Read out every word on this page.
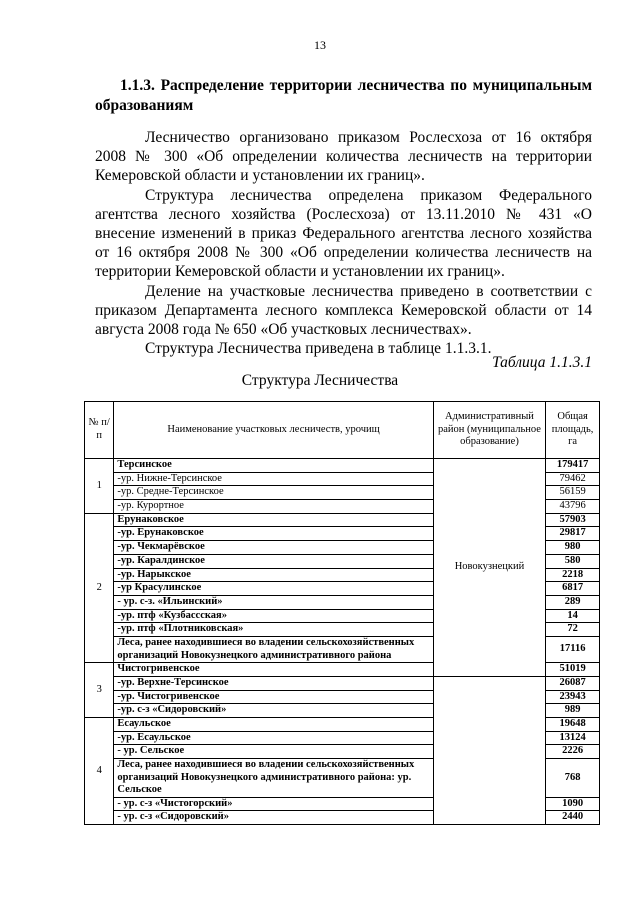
13
1.1.3. Распределение территории лесничества по муниципальным
образованиям

Лесничество организовано приказом Рослесхоза от 16 октября 2008 № 300 «Об определении количества лесничеств на территории Кемеровской области и установлении их границ».

Структура лесничества определена приказом Федерального агентства лесного хозяйства (Рослесхоза) от 13.11.2010 № 431 «О внесение изменений в приказ Федерального агентства лесного хозяйства от 16 октября 2008 № 300 «Об определении количества лесничеств на территории Кемеровской области и установлении их границ».

Деление на участковые лесничества приведено в соответствии с приказом Департамента лесного комплекса Кемеровской области от 14 августа 2008 года № 650 «Об участковых лесничествах».

Структура Лесничества приведена в таблице 1.1.3.1.

Таблица 1.1.3.1
Структура Лесничества
№ п/п	Наименование участковых лесничеств, урочищ	Административный район (муниципальное образование)	Общая площадь, га
1	Терсинское	Новокузнецкий	179417
	-ур. Нижне-Терсинское		79462
	-ур. Средне-Терсинское		56159
	-ур. Курортное		43796
2	Ерунаковское		57903
	-ур. Ерунаковское		29817
	-ур. Чекмарёвское		980
	-ур. Каралдинское		580
	-ур. Нарыкское		2218
	-ур Красулинское		6817
	- ур. с-з. «Ильинский»		289
	-ур. птф «Кузбассская»		14
	-ур. птф «Плотниковская»		72
	Леса, ранее находившиеся во владении сельскохозяйственных организаций Новокузнецкого административного района		17116
3	Чистогривенское		51019
	-ур. Верхне-Терсинское		26087
	-ур. Чистогривенское		23943
	-ур. с-з «Сидоровский»		989
4	Есаульское		19648
	-ур. Есаульское		13124
	- ур. Сельское		2226
	Леса, ранее находившиеся во владении сельскохозяйственных организаций Новокузнецкого административного района: ур. Сельское		768
	- ур. с-з «Чистогорский»		1090
	- ур. с-з «Сидоровский»		2440
